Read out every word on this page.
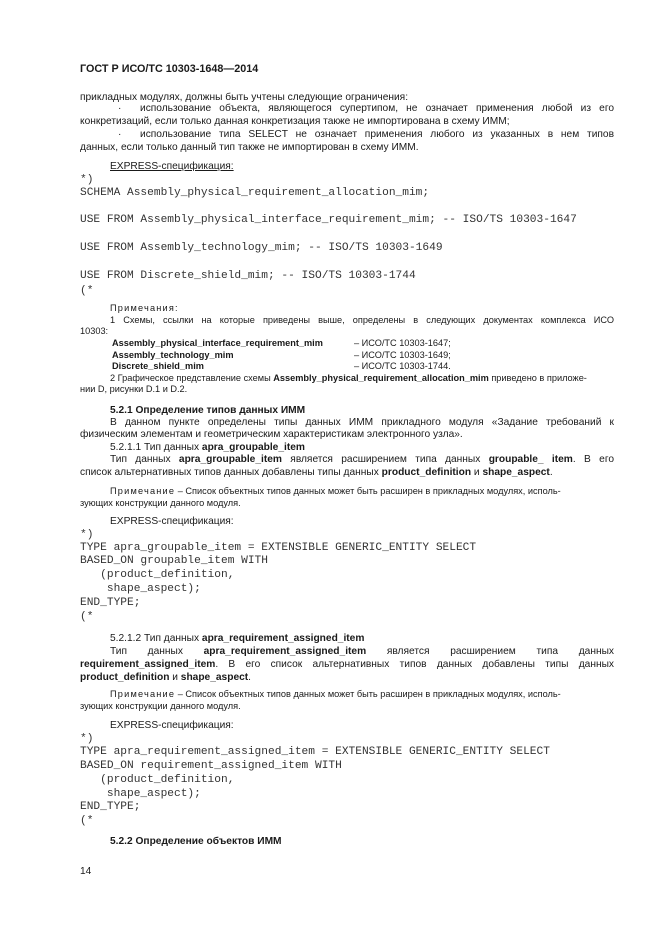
ГОСТ Р ИСО/ТС 10303-1648—2014
прикладных модулях, должны быть учтены следующие ограничения:
· использование объекта, являющегося супертипом, не означает применения любой из его
конкретизаций, если только данная конкретизация также не импортирована в схему ИММ;
· использование типа SELECT не означает применения любого из указанных в нем типов
данных, если только данный тип также не импортирован в схему ИММ.
EXPRESS-спецификация:
*)
SCHEMA Assembly_physical_requirement_allocation_mim;
USE FROM Assembly_physical_interface_requirement_mim; -- ISO/TS 10303-1647
USE FROM Assembly_technology_mim; -- ISO/TS 10303-1649
USE FROM Discrete_shield_mim; -- ISO/TS 10303-1744
(*
Примечания:
1 Схемы, ссылки на которые приведены выше, определены в следующих документах комплекса ИСО
10303:
Assembly_physical_interface_requirement_mim	– ИСО/ТС 10303-1647;
Assembly_technology_mim	– ИСО/ТС 10303-1649;
Discrete_shield_mim	– ИСО/ТС 10303-1744.
2 Графическое представление схемы Assembly_physical_requirement_allocation_mim приведено в приложе-
нии D, рисунки D.1 и D.2.
5.2.1 Определение типов данных ИММ
В данном пункте определены типы данных ИММ прикладного модуля «Задание требований к
физическим элементам и геометрическим характеристикам электронного узла».
5.2.1.1 Тип данных apra_groupable_item
Тип данных apra_groupable_item является расширением типа данных groupable_ item. В его
список альтернативных типов данных добавлены типы данных product_definition и shape_aspect.
Примечание – Список объектных типов данных может быть расширен в прикладных модулях, исполь-
зующих конструкции данного модуля.
EXPRESS-спецификация:
*)
TYPE apra_groupable_item = EXTENSIBLE GENERIC_ENTITY SELECT
BASED_ON groupable_item WITH
(product_definition,
shape_aspect);
END_TYPE;
(*
5.2.1.2 Тип данных apra_requirement_assigned_item
Тип данных apra_requirement_assigned_item является расширением типа данных
requirement_assigned_item. В его список альтернативных типов данных добавлены типы данных
product_definition и shape_aspect.
Примечание – Список объектных типов данных может быть расширен в прикладных модулях, исполь-
зующих конструкции данного модуля.
EXPRESS-спецификация:
*)
TYPE apra_requirement_assigned_item = EXTENSIBLE GENERIC_ENTITY SELECT
BASED_ON requirement_assigned_item WITH
(product_definition,
shape_aspect);
END_TYPE;
(*
5.2.2 Определение объектов ИММ
14
